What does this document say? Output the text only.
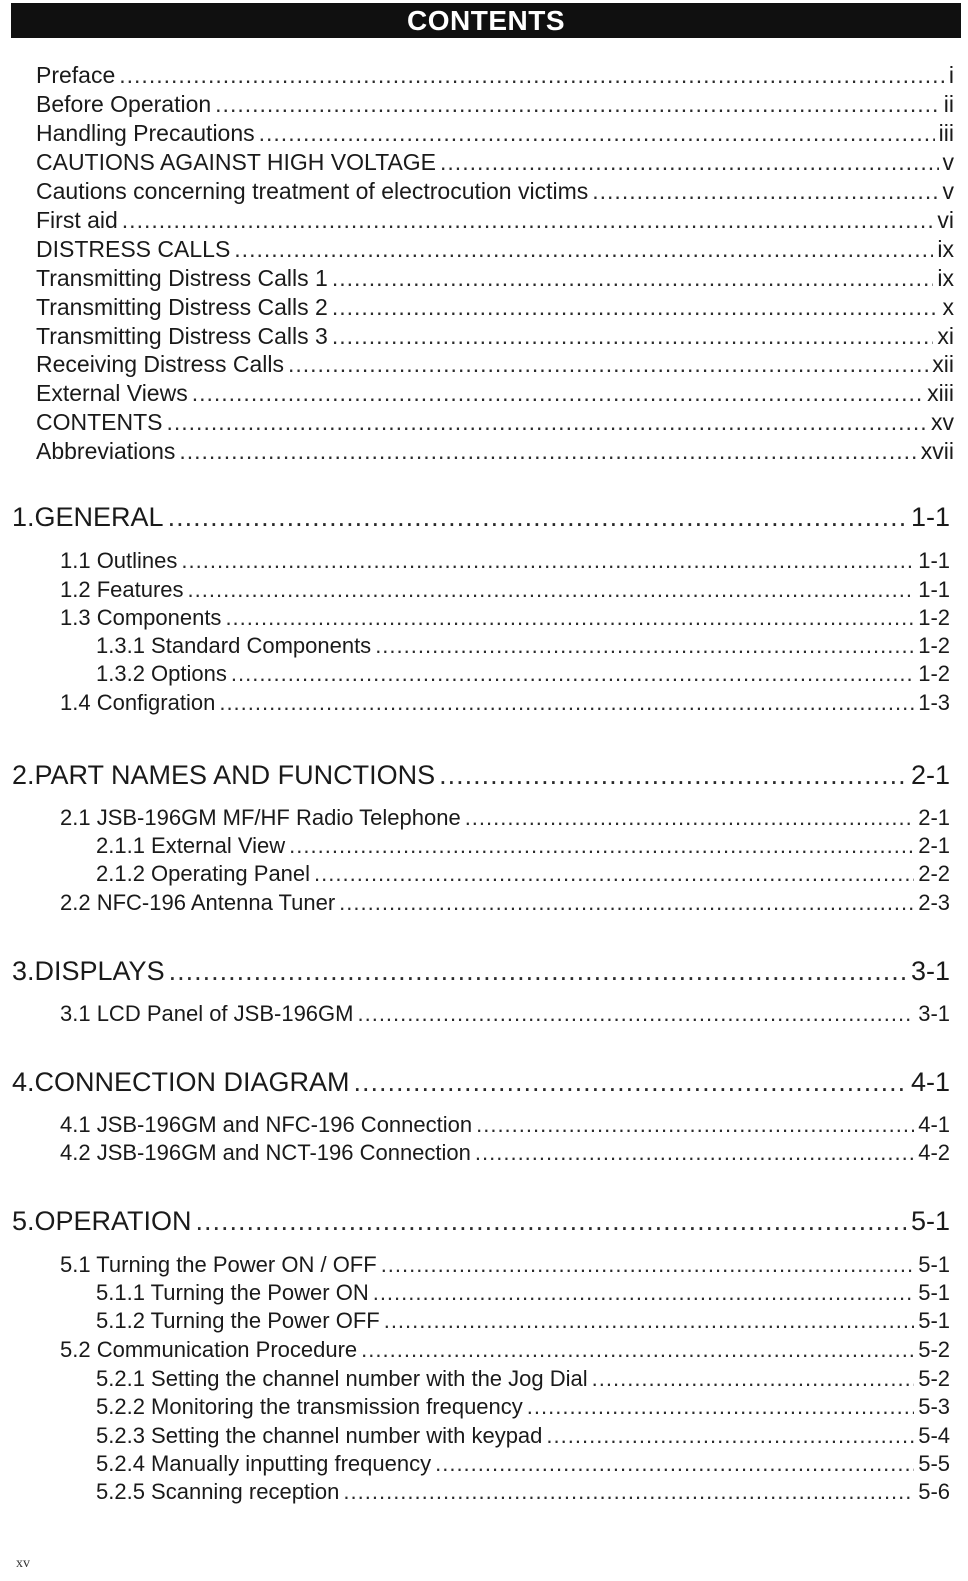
CONTENTS
Preface .....	i
Before Operation .....	ii
Handling Precautions .....	iii
CAUTIONS AGAINST HIGH VOLTAGE .....	v
Cautions concerning treatment of electrocution victims .....	v
First aid .....	vi
DISTRESS CALLS .....	ix
Transmitting Distress Calls 1 .....	ix
Transmitting Distress Calls 2 .....	x
Transmitting Distress Calls 3 .....	xi
Receiving Distress Calls .....	xii
External Views .....	xiii
CONTENTS .....	xv
Abbreviations .....	xvii
1.GENERAL .....	1-1
1.1 Outlines .....	1-1
1.2 Features .....	1-1
1.3 Components .....	1-2
1.3.1 Standard Components .....	1-2
1.3.2 Options .....	1-2
1.4 Configration .....	1-3
2.PART NAMES AND FUNCTIONS .....	2-1
2.1 JSB-196GM MF/HF Radio Telephone .....	2-1
2.1.1 External View .....	2-1
2.1.2 Operating Panel .....	2-2
2.2 NFC-196 Antenna Tuner .....	2-3
3.DISPLAYS .....	3-1
3.1 LCD Panel of JSB-196GM .....	3-1
4.CONNECTION DIAGRAM .....	4-1
4.1 JSB-196GM and NFC-196 Connection .....	4-1
4.2 JSB-196GM and NCT-196 Connection .....	4-2
5.OPERATION .....	5-1
5.1 Turning the Power ON / OFF .....	5-1
5.1.1 Turning the Power ON .....	5-1
5.1.2 Turning the Power OFF .....	5-1
5.2 Communication Procedure .....	5-2
5.2.1 Setting the channel number with the Jog Dial .....	5-2
5.2.2 Monitoring the transmission frequency .....	5-3
5.2.3 Setting the channel number with keypad .....	5-4
5.2.4 Manually inputting frequency .....	5-5
5.2.5 Scanning reception .....	5-6
xv
